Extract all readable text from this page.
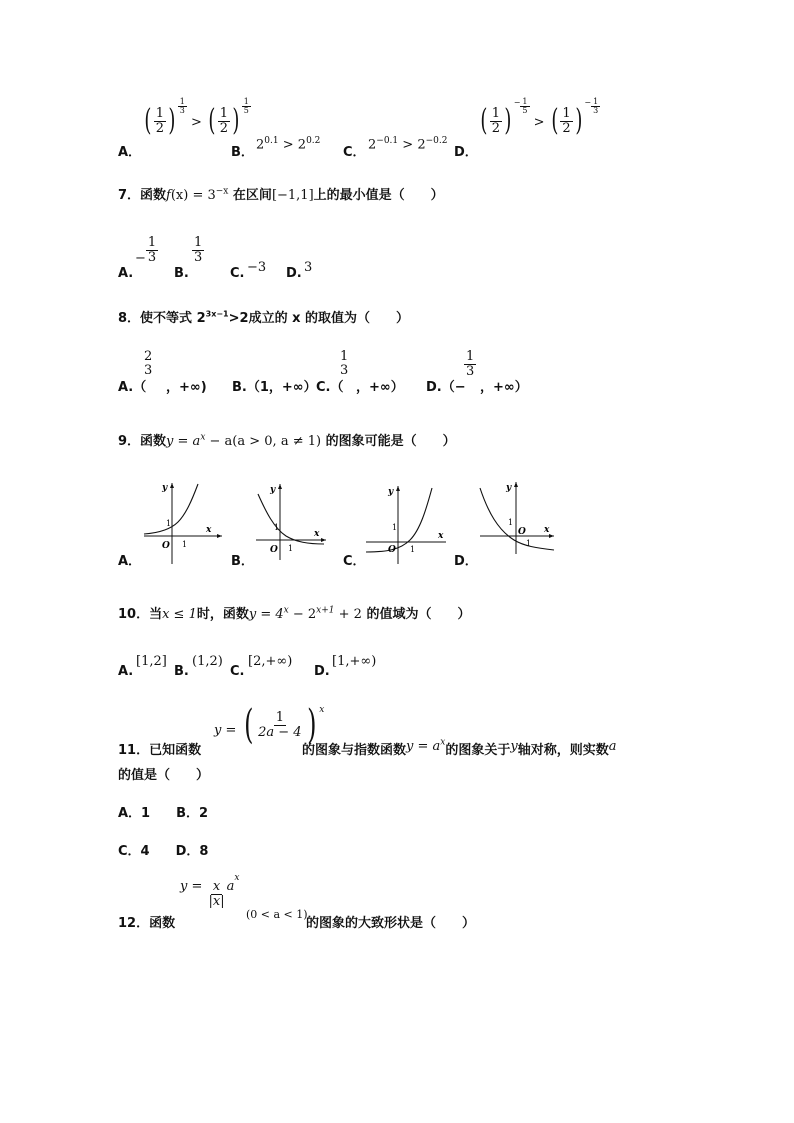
A．
( $\frac{1}{2}$ ) $\frac{1}{3}$
> ( $\frac{1}{2}$ ) $\frac{1}{5}$
B．
$2^{0.1} > 2^{0.2}$
C．
$2^{-0.1} > 2^{-0.2}$
D．
( $\frac{1}{2}$ )
$^- \frac{1}{5}$
> ( $\frac{1}{2}$ )
$^- \frac{1}{3}$
7．函数$f(x) = 3^{-x}$ 在区间[−1,1]上的最小值是（　　）
A.
− $\frac{1}{3}$
B.
$\frac{1}{3}$
C. −3 D. 3
8．使不等式 $2^{3x-1}>2$成立的 x 的取值为（　　）
A.（
2
3
，+∞) B.（1，+∞） C.（
1
3
，+∞） D.（−
$\frac{1}{3}$
，+∞）
9．函数$y = a^x - a(a > 0$, a ≠ 1) 的图象可能是（　　）
A．
y
x
O 1
1
B．
y
x
O 1
1
C．
y
x
O 1
1
D．
y
x
O
1
1
10．当x ≤ 1时，函数$y = 4^x - 2^{x+1} + 2$ 的值域为（　　）
A.
[1,2]
B.
(1,2)
C.
[2,+∞)
D.
[1,+∞)
11．已知函数
y = ( $\frac{1}{2a - 4}$ ) $^x$
的图象与指数函数$y = a^x$的图象关于y轴对称，则实数a
的值是（　　）
A．1　　B．2
C．4　　D．8
12．函数
$y = \frac{x}{|x|} a^x$
(0 < a < 1)
的图象的大致形状是（　　）
